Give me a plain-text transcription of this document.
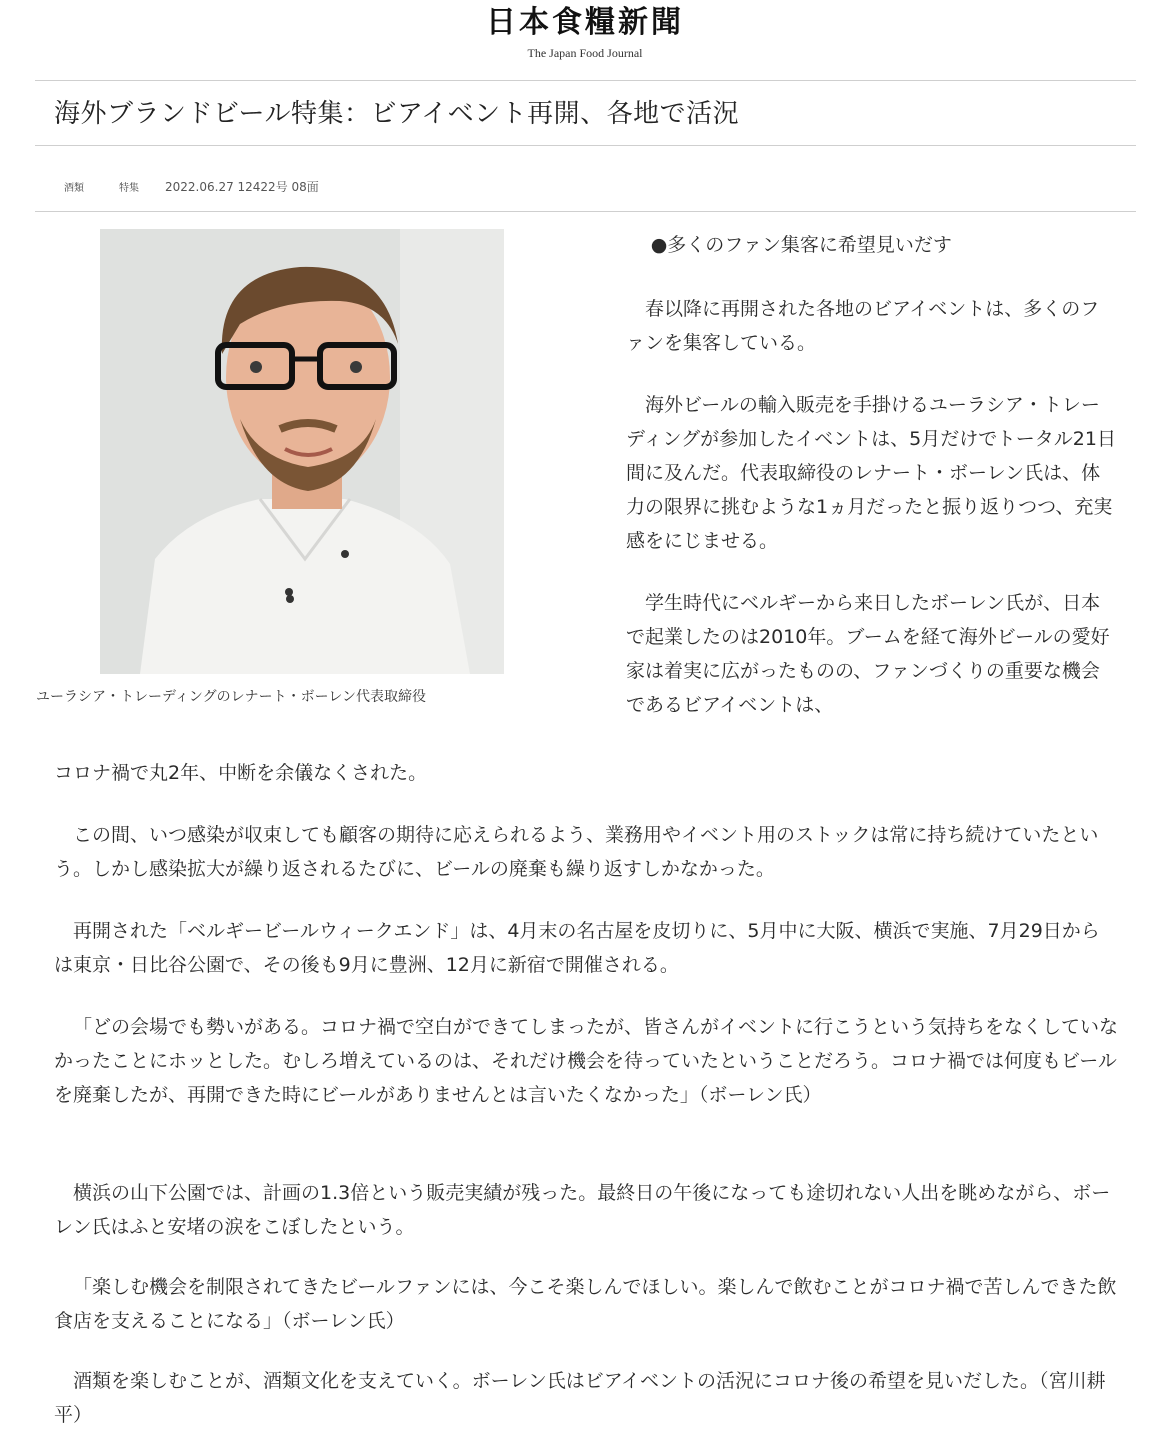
日本食糧新聞
The Japan Food Journal
海外ブランドビール特集：ビアイベント再開、各地で活況
酒類	特集	2022.06.27 12422号 08面
ユーラシア・トレーディングのレナート・ボーレン代表取締役

●多くのファン集客に希望見いだす

春以降に再開された各地のビアイベントは、多くのファンを集客している。

海外ビールの輸入販売を手掛けるユーラシア・トレーディングが参加したイベントは、5月だけでトータル21日間に及んだ。代表取締役のレナート・ボーレン氏は、体力の限界に挑むような1ヵ月だったと振り返りつつ、充実感をにじませる。

学生時代にベルギーから来日したボーレン氏が、日本で起業したのは2010年。ブームを経て海外ビールの愛好家は着実に広がったものの、ファンづくりの重要な機会であるビアイベントは、

コロナ禍で丸2年、中断を余儀なくされた。

この間、いつ感染が収束しても顧客の期待に応えられるよう、業務用やイベント用のストックは常に持ち続けていたという。しかし感染拡大が繰り返されるたびに、ビールの廃棄も繰り返すしかなかった。

再開された「ベルギービールウィークエンド」は、4月末の名古屋を皮切りに、5月中に大阪、横浜で実施、7月29日からは東京・日比谷公園で、その後も9月に豊洲、12月に新宿で開催される。

「どの会場でも勢いがある。コロナ禍で空白ができてしまったが、皆さんがイベントに行こうという気持ちをなくしていなかったことにホッとした。むしろ増えているのは、それだけ機会を待っていたということだろう。コロナ禍では何度もビールを廃棄したが、再開できた時にビールがありませんとは言いたくなかった」（ボーレン氏）

横浜の山下公園では、計画の1.3倍という販売実績が残った。最終日の午後になっても途切れない人出を眺めながら、ボーレン氏はふと安堵の涙をこぼしたという。

「楽しむ機会を制限されてきたビールファンには、今こそ楽しんでほしい。楽しんで飲むことがコロナ禍で苦しんできた飲食店を支えることになる」（ボーレン氏）

酒類を楽しむことが、酒類文化を支えていく。ボーレン氏はビアイベントの活況にコロナ後の希望を見いだした。（宮川耕平）
